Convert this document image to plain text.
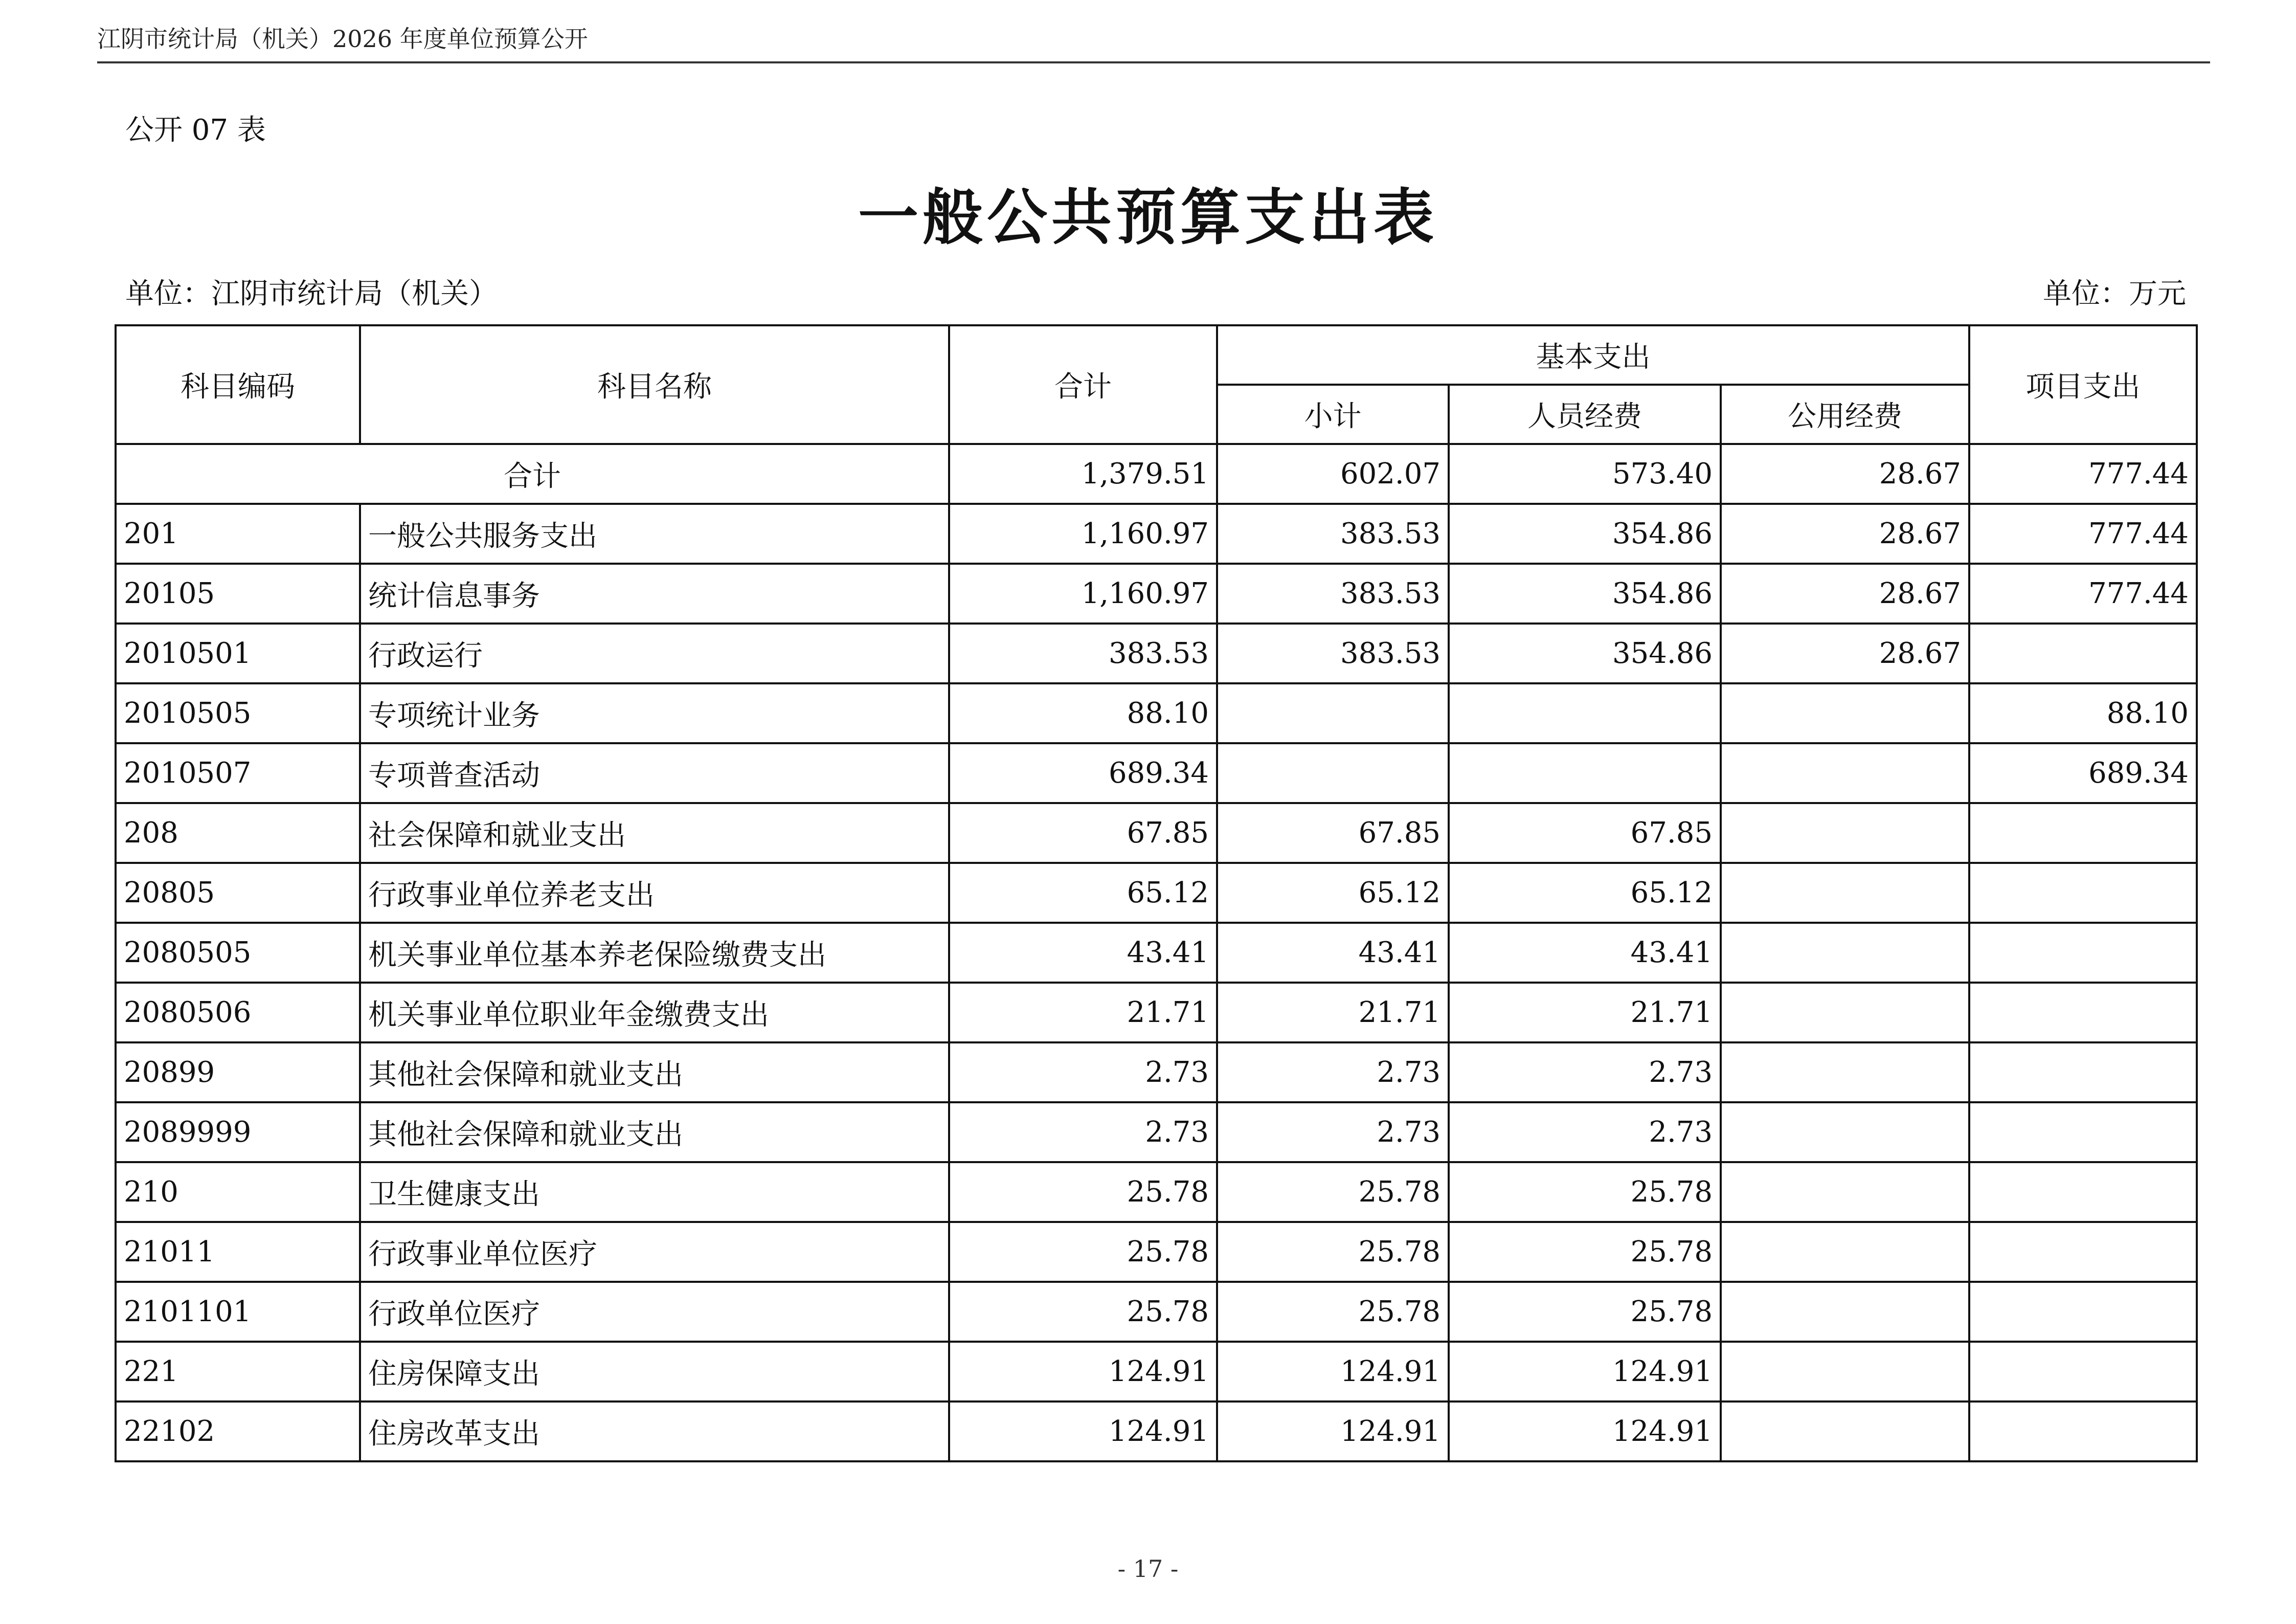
江阴市统计局（机关）2026 年度单位预算公开
公开 07 表
一般公共预算支出表
单位：江阴市统计局（机关）	单位：万元
科目编码	科目名称	合计	基本支出			项目支出
			小计	人员经费	公用经费	
合计		1,379.51	602.07	573.40	28.67	777.44
201	一般公共服务支出	1,160.97	383.53	354.86	28.67	777.44
20105	统计信息事务	1,160.97	383.53	354.86	28.67	777.44
2010501	行政运行	383.53	383.53	354.86	28.67	
2010505	专项统计业务	88.10				88.10
2010507	专项普查活动	689.34				689.34
208	社会保障和就业支出	67.85	67.85	67.85		
20805	行政事业单位养老支出	65.12	65.12	65.12		
2080505	机关事业单位基本养老保险缴费支出	43.41	43.41	43.41		
2080506	机关事业单位职业年金缴费支出	21.71	21.71	21.71		
20899	其他社会保障和就业支出	2.73	2.73	2.73		
2089999	其他社会保障和就业支出	2.73	2.73	2.73		
210	卫生健康支出	25.78	25.78	25.78		
21011	行政事业单位医疗	25.78	25.78	25.78		
2101101	行政单位医疗	25.78	25.78	25.78		
221	住房保障支出	124.91	124.91	124.91		
22102	住房改革支出	124.91	124.91	124.91		
- 17 -
